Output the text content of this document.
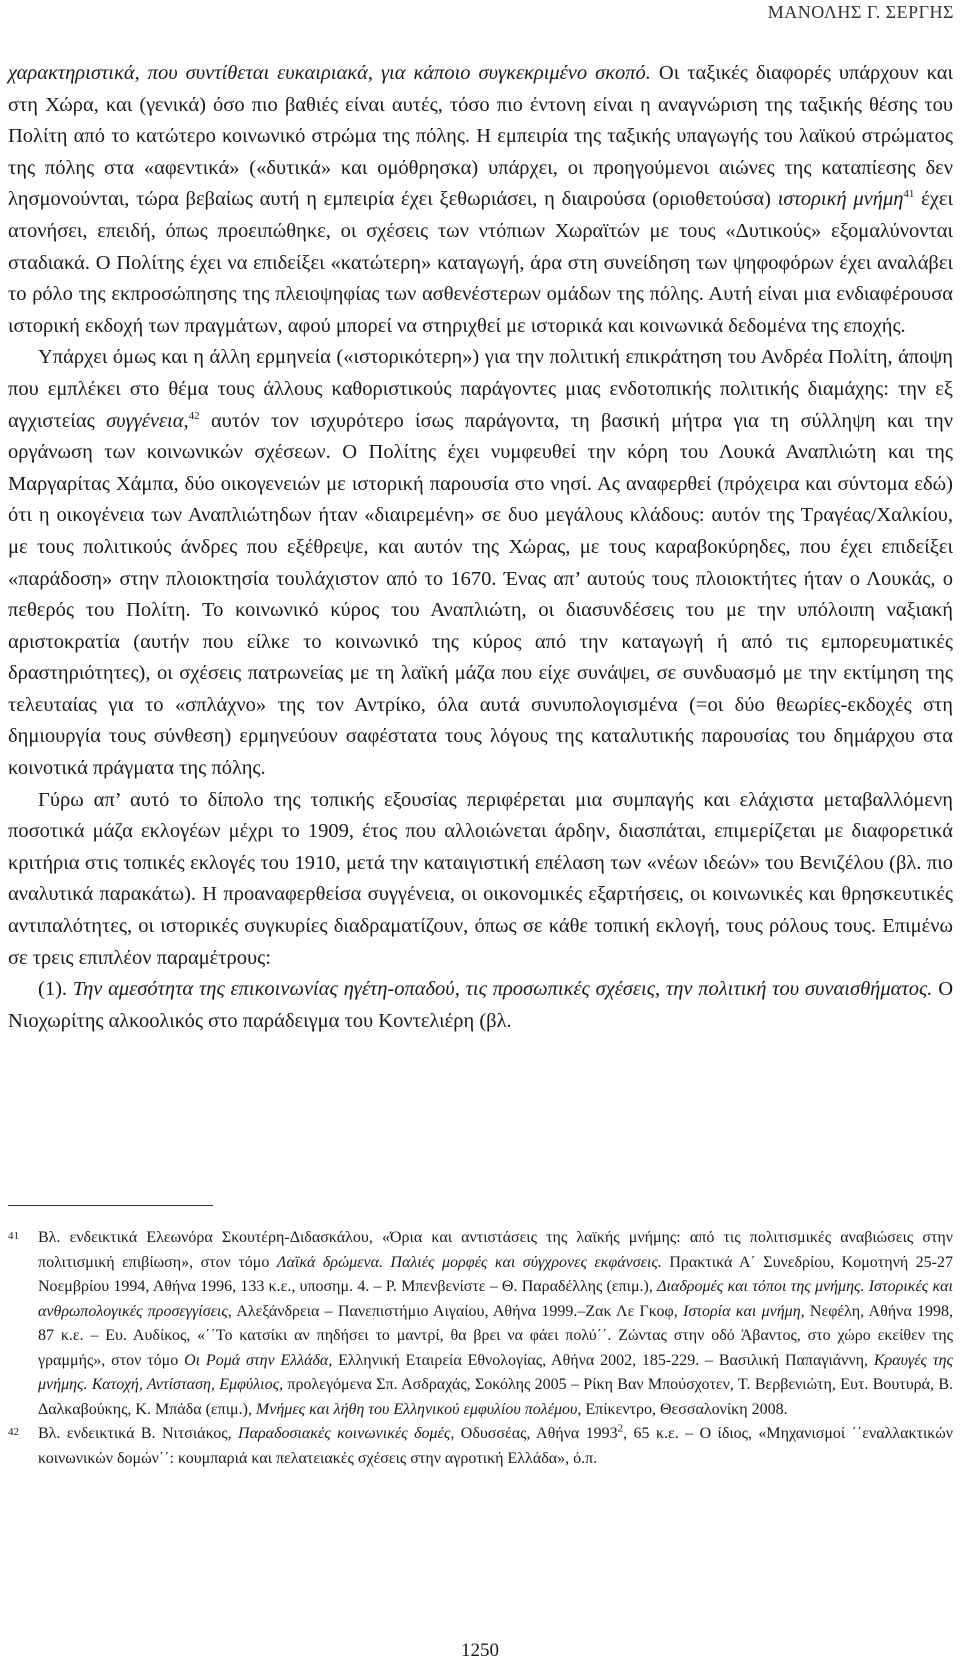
ΜΑΝΟΛΗΣ Γ. ΣΕΡΓΗΣ

χαρακτηριστικά, που συντίθεται ευκαιριακά, για κάποιο συγκεκριμένο σκοπό. Οι ταξικές διαφορές υπάρχουν και στη Χώρα, και (γενικά) όσο πιο βαθιές είναι αυτές, τόσο πιο έντονη είναι η αναγνώριση της ταξικής θέσης του Πολίτη από το κατώτερο κοινωνικό στρώμα της πόλης. Η εμπειρία της ταξικής υπαγωγής του λαϊκού στρώματος της πόλης στα «αφεντικά» («δυτικά» και ομόθρησκα) υπάρχει, οι προηγούμενοι αιώνες της καταπίεσης δεν λησμονούνται, τώρα βεβαίως αυτή η εμπειρία έχει ξεθωριάσει, η διαιρούσα (οριοθετούσα) ιστορική μνήμη$^{41}$ έχει ατονήσει, επειδή, όπως προειπώθηκε, οι σχέσεις των ντόπιων Χωραϊτών με τους «Δυτικούς» εξομαλύνονται σταδιακά. Ο Πολίτης έχει να επιδείξει «κατώτερη» καταγωγή, άρα στη συνείδηση των ψηφοφόρων έχει αναλάβει το ρόλο της εκπροσώπησης της πλειοψηφίας των ασθενέστερων ομάδων της πόλης. Αυτή είναι μια ενδιαφέρουσα ιστορική εκδοχή των πραγμάτων, αφού μπορεί να στηριχθεί με ιστορικά και κοινωνικά δεδομένα της εποχής.

Υπάρχει όμως και η άλλη ερμηνεία («ιστορικότερη») για την πολιτική επικράτηση του Ανδρέα Πολίτη, άποψη που εμπλέκει στο θέμα τους άλλους καθοριστικούς παράγοντες μιας ενδοτοπικής πολιτικής διαμάχης: την εξ αγχιστείας συγγένεια,$^{42}$ αυτόν τον ισχυρότερο ίσως παράγοντα, τη βασική μήτρα για τη σύλληψη και την οργάνωση των κοινωνικών σχέσεων. Ο Πολίτης έχει νυμφευθεί την κόρη του Λουκά Αναπλιώτη και της Μαργαρίτας Χάμπα, δύο οικογενειών με ιστορική παρουσία στο νησί. Ας αναφερθεί (πρόχειρα και σύντομα εδώ) ότι η οικογένεια των Αναπλιώτηδων ήταν «διαιρεμένη» σε δυο μεγάλους κλάδους: αυτόν της Τραγέας/Χαλκίου, με τους πολιτικούς άνδρες που εξέθρεψε, και αυτόν της Χώρας, με τους καραβοκύρηδες, που έχει επιδείξει «παράδοση» στην πλοιοκτησία τουλάχιστον από το 1670. Ένας απ’ αυτούς τους πλοιοκτήτες ήταν ο Λουκάς, ο πεθερός του Πολίτη. Το κοινωνικό κύρος του Αναπλιώτη, οι διασυνδέσεις του με την υπόλοιπη ναξιακή αριστοκρατία (αυτήν που είλκε το κοινωνικό της κύρος από την καταγωγή ή από τις εμπορευματικές δραστηριότητες), οι σχέσεις πατρωνείας με τη λαϊκή μάζα που είχε συνάψει, σε συνδυασμό με την εκτίμηση της τελευταίας για το «σπλάχνο» της τον Αντρίκο, όλα αυτά συνυπολογισμένα (=οι δύο θεωρίες-εκδοχές στη δημιουργία τους σύνθεση) ερμηνεύουν σαφέστατα τους λόγους της καταλυτικής παρουσίας του δημάρχου στα κοινοτικά πράγματα της πόλης.

Γύρω απ’ αυτό το δίπολο της τοπικής εξουσίας περιφέρεται μια συμπαγής και ελάχιστα μεταβαλλόμενη ποσοτικά μάζα εκλογέων μέχρι το 1909, έτος που αλλοιώνεται άρδην, διασπάται, επιμερίζεται με διαφορετικά κριτήρια στις τοπικές εκλογές του 1910, μετά την καταιγιστική επέλαση των «νέων ιδεών» του Βενιζέλου (βλ. πιο αναλυτικά παρακάτω). Η προαναφερθείσα συγγένεια, οι οικονομικές εξαρτήσεις, οι κοινωνικές και θρησκευτικές αντιπαλότητες, οι ιστορικές συγκυρίες διαδραματίζουν, όπως σε κάθε τοπική εκλογή, τους ρόλους τους. Επιμένω σε τρεις επιπλέον παραμέτρους:

(1). Την αμεσότητα της επικοινωνίας ηγέτη-οπαδού, τις προσωπικές σχέσεις, την πολιτική του συναισθήματος. Ο Νιοχωρίτης αλκοολικός στο παράδειγμα του Κοντελιέρη (βλ.

41 Βλ. ενδεικτικά Ελεωνόρα Σκουτέρη-Διδασκάλου, «Όρια και αντιστάσεις της λαϊκής μνήμης: από τις πολιτισμικές αναβιώσεις στην πολιτισμική επιβίωση», στον τόμο Λαϊκά δρώμενα. Παλιές μορφές και σύγχρονες εκφάνσεις. Πρακτικά Α΄ Συνεδρίου, Κομοτηνή 25-27 Νοεμβρίου 1994, Αθήνα 1996, 133 κ.ε., υποσημ. 4. – Ρ. Μπενβενίστε – Θ. Παραδέλλης (επιμ.), Διαδρομές και τόποι της μνήμης. Ιστορικές και ανθρωπολογικές προσεγγίσεις, Αλεξάνδρεια – Πανεπιστήμιο Αιγαίου, Αθήνα 1999.–Ζακ Λε Γκοφ, Ιστορία και μνήμη, Νεφέλη, Αθήνα 1998, 87 κ.ε. – Ευ. Αυδίκος, «΄΄Το κατσίκι αν πηδήσει το μαντρί, θα βρει να φάει πολύ΄΄. Ζώντας στην οδό Άβαντος, στο χώρο εκείθεν της γραμμής», στον τόμο Οι Ρομά στην Ελλάδα, Ελληνική Εταιρεία Εθνολογίας, Αθήνα 2002, 185-229. – Βασιλική Παπαγιάννη, Κραυγές της μνήμης. Κατοχή, Αντίσταση, Εμφύλιος, προλεγόμενα Σπ. Ασδραχάς, Σοκόλης 2005 – Ρίκη Βαν Μπούσχοτεν, Τ. Βερβενιώτη, Ευτ. Βουτυρά, Β. Δαλκαβούκης, Κ. Μπάδα (επιμ.), Μνήμες και λήθη του Ελληνικού εμφυλίου πολέμου, Επίκεντρο, Θεσσαλονίκη 2008.
42 Βλ. ενδεικτικά Β. Νιτσιάκος, Παραδοσιακές κοινωνικές δομές, Οδυσσέας, Αθήνα 1993$^2$, 65 κ.ε. – Ο ίδιος, «Μηχανισμοί ΄΄εναλλακτικών κοινωνικών δομών΄΄: κουμπαριά και πελατειακές σχέσεις στην αγροτική Ελλάδα», ό.π.
1250
